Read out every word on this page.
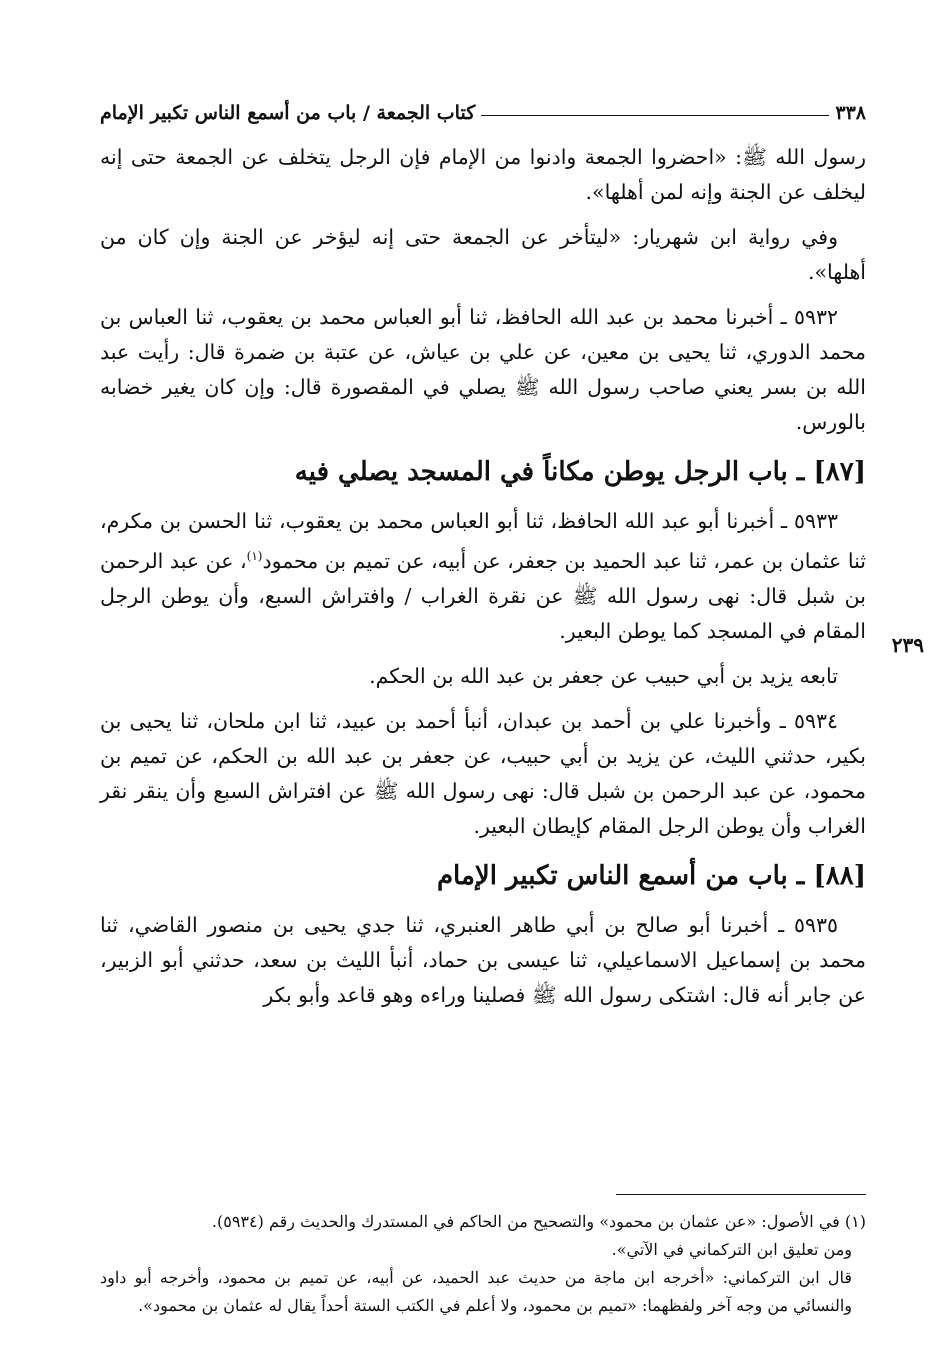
٣٣٨
كتاب الجمعة / باب من أسمع الناس تكبير الإمام
٢٣٩

رسول الله ﷺ: «احضروا الجمعة وادنوا من الإمام فإن الرجل يتخلف عن الجمعة حتى إنه ليخلف عن الجنة وإنه لمن أهلها».

وفي رواية ابن شهريار: «ليتأخر عن الجمعة حتى إنه ليؤخر عن الجنة وإن كان من أهلها».

٥٩٣٢ ـ أخبرنا محمد بن عبد الله الحافظ، ثنا أبو العباس محمد بن يعقوب، ثنا العباس بن محمد الدوري، ثنا يحيى بن معين، عن علي بن عياش، عن عتبة بن ضمرة قال: رأيت عبد الله بن بسر يعني صاحب رسول الله ﷺ يصلي في المقصورة قال: وإن كان يغير خضابه بالورس.

[٨٧] ـ باب الرجل يوطن مكاناً في المسجد يصلي فيه

٥٩٣٣ ـ أخبرنا أبو عبد الله الحافظ، ثنا أبو العباس محمد بن يعقوب، ثنا الحسن بن مكرم، ثنا عثمان بن عمر، ثنا عبد الحميد بن جعفر، عن أبيه، عن تميم بن محمود$^{(١)}$، عن عبد الرحمن بن شبل قال: نهى رسول الله ﷺ عن نقرة الغراب / وافتراش السبع، وأن يوطن الرجل المقام في المسجد كما يوطن البعير.

تابعه يزيد بن أبي حبيب عن جعفر بن عبد الله بن الحكم.

٥٩٣٤ ـ وأخبرنا علي بن أحمد بن عبدان، أنبأ أحمد بن عبيد، ثنا ابن ملحان، ثنا يحيى بن بكير، حدثني الليث، عن يزيد بن أبي حبيب، عن جعفر بن عبد الله بن الحكم، عن تميم بن محمود، عن عبد الرحمن بن شبل قال: نهى رسول الله ﷺ عن افتراش السبع وأن ينقر نقر الغراب وأن يوطن الرجل المقام كإيطان البعير.

[٨٨] ـ باب من أسمع الناس تكبير الإمام

٥٩٣٥ ـ أخبرنا أبو صالح بن أبي طاهر العنبري، ثنا جدي يحيى بن منصور القاضي، ثنا محمد بن إسماعيل الاسماعيلي، ثنا عيسى بن حماد، أنبأ الليث بن سعد، حدثني أبو الزبير، عن جابر أنه قال: اشتكى رسول الله ﷺ فصلينا وراءه وهو قاعد وأبو بكر

(١) في الأصول: «عن عثمان بن محمود» والتصحيح من الحاكم في المستدرك والحديث رقم (٥٩٣٤).

ومن تعليق ابن التركماني في الآتي».

قال ابن التركماني: «أخرجه ابن ماجة من حديث عبد الحميد، عن أبيه، عن تميم بن محمود، وأخرجه أبو داود والنسائي من وجه آخر ولفظهما: «تميم بن محمود، ولا أعلم في الكتب الستة أحداً يقال له عثمان بن محمود».
